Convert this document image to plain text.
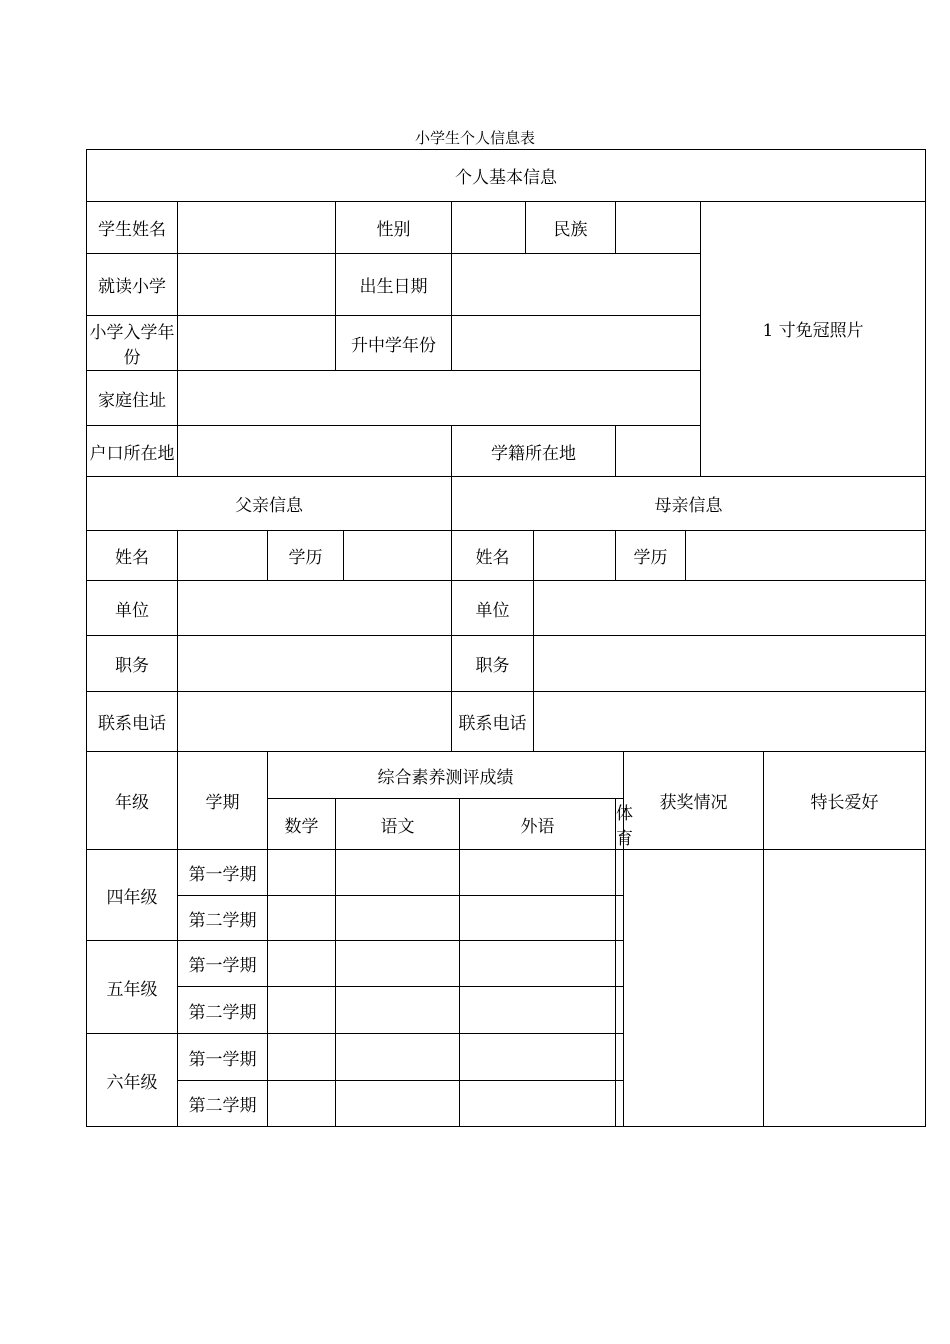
小学生个人信息表
个人基本信息													
学生姓名			性别				民族					1 寸免冠照片	
就读小学			出生日期										
小学入学年份			升中学年份										
家庭住址													
户口所在地					学籍所在地								
父亲信息					母亲信息								
姓名		学历			姓名				学历				
单位					单位								
职务					职务								
联系电话					联系电话								
年级	学期	综合素养测评成绩								获奖情况			特长爱好
		数学	语文			外语			体育				
四年级	第一学期												
	第二学期												
五年级	第一学期												
	第二学期												
六年级	第一学期												
	第二学期												
